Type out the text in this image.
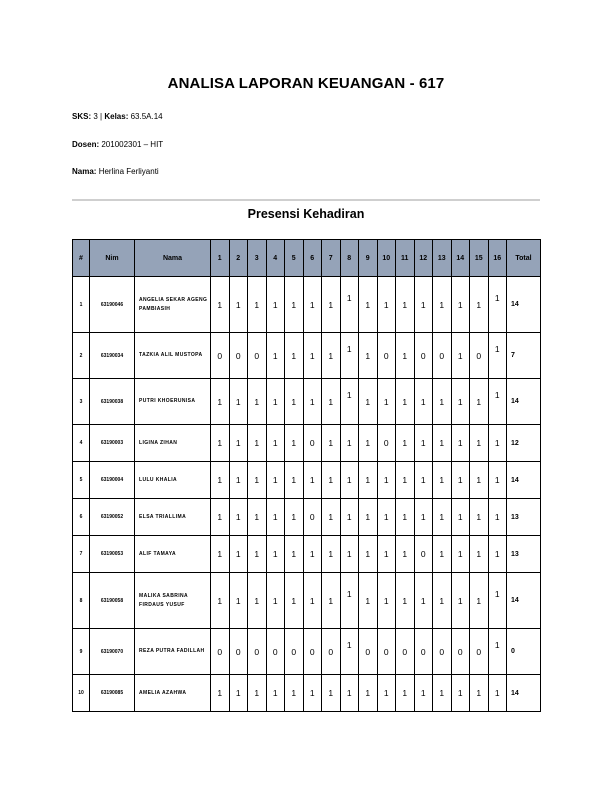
ANALISA LAPORAN KEUANGAN - 617
SKS: 3 | Kelas: 63.5A.14
Dosen: 201002301 – HIT
Nama: Herlina Ferliyanti
Presensi Kehadiran
#	Nim	Nama	1	2	3	4	5	6	7	8	9	10	11	12	13	14	15	16	Total
1	63190046	ANGELIA SEKAR AGENG PAMBIASIH	1	1	1	1	1	1	1	1	1	1	1	1	1	1	1	1	14
2	63190034	TAZKIA ALIL MUSTOPA	0	0	0	1	1	1	1	1	1	0	1	0	0	1	0	1	7
3	63190038	PUTRI KHOERUNISA	1	1	1	1	1	1	1	1	1	1	1	1	1	1	1	1	14
4	63190003	LIGINA ZIHAN	1	1	1	1	1	0	1	1	1	0	1	1	1	1	1	1	12
5	63190004	LULU KHALIA	1	1	1	1	1	1	1	1	1	1	1	1	1	1	1	1	14
6	63190052	ELSA TRIALLIMA	1	1	1	1	1	0	1	1	1	1	1	1	1	1	1	1	13
7	63190053	ALIF TAMAYA	1	1	1	1	1	1	1	1	1	1	1	0	1	1	1	1	13
8	63190058	MALIKA SABRINA FIRDAUS YUSUF	1	1	1	1	1	1	1	1	1	1	1	1	1	1	1	1	14
9	63190070	REZA PUTRA FADILLAH	0	0	0	0	0	0	0	1	0	0	0	0	0	0	0	1	0
10	63190085	AMELIA AZAHWA	1	1	1	1	1	1	1	1	1	1	1	1	1	1	1	1	14
